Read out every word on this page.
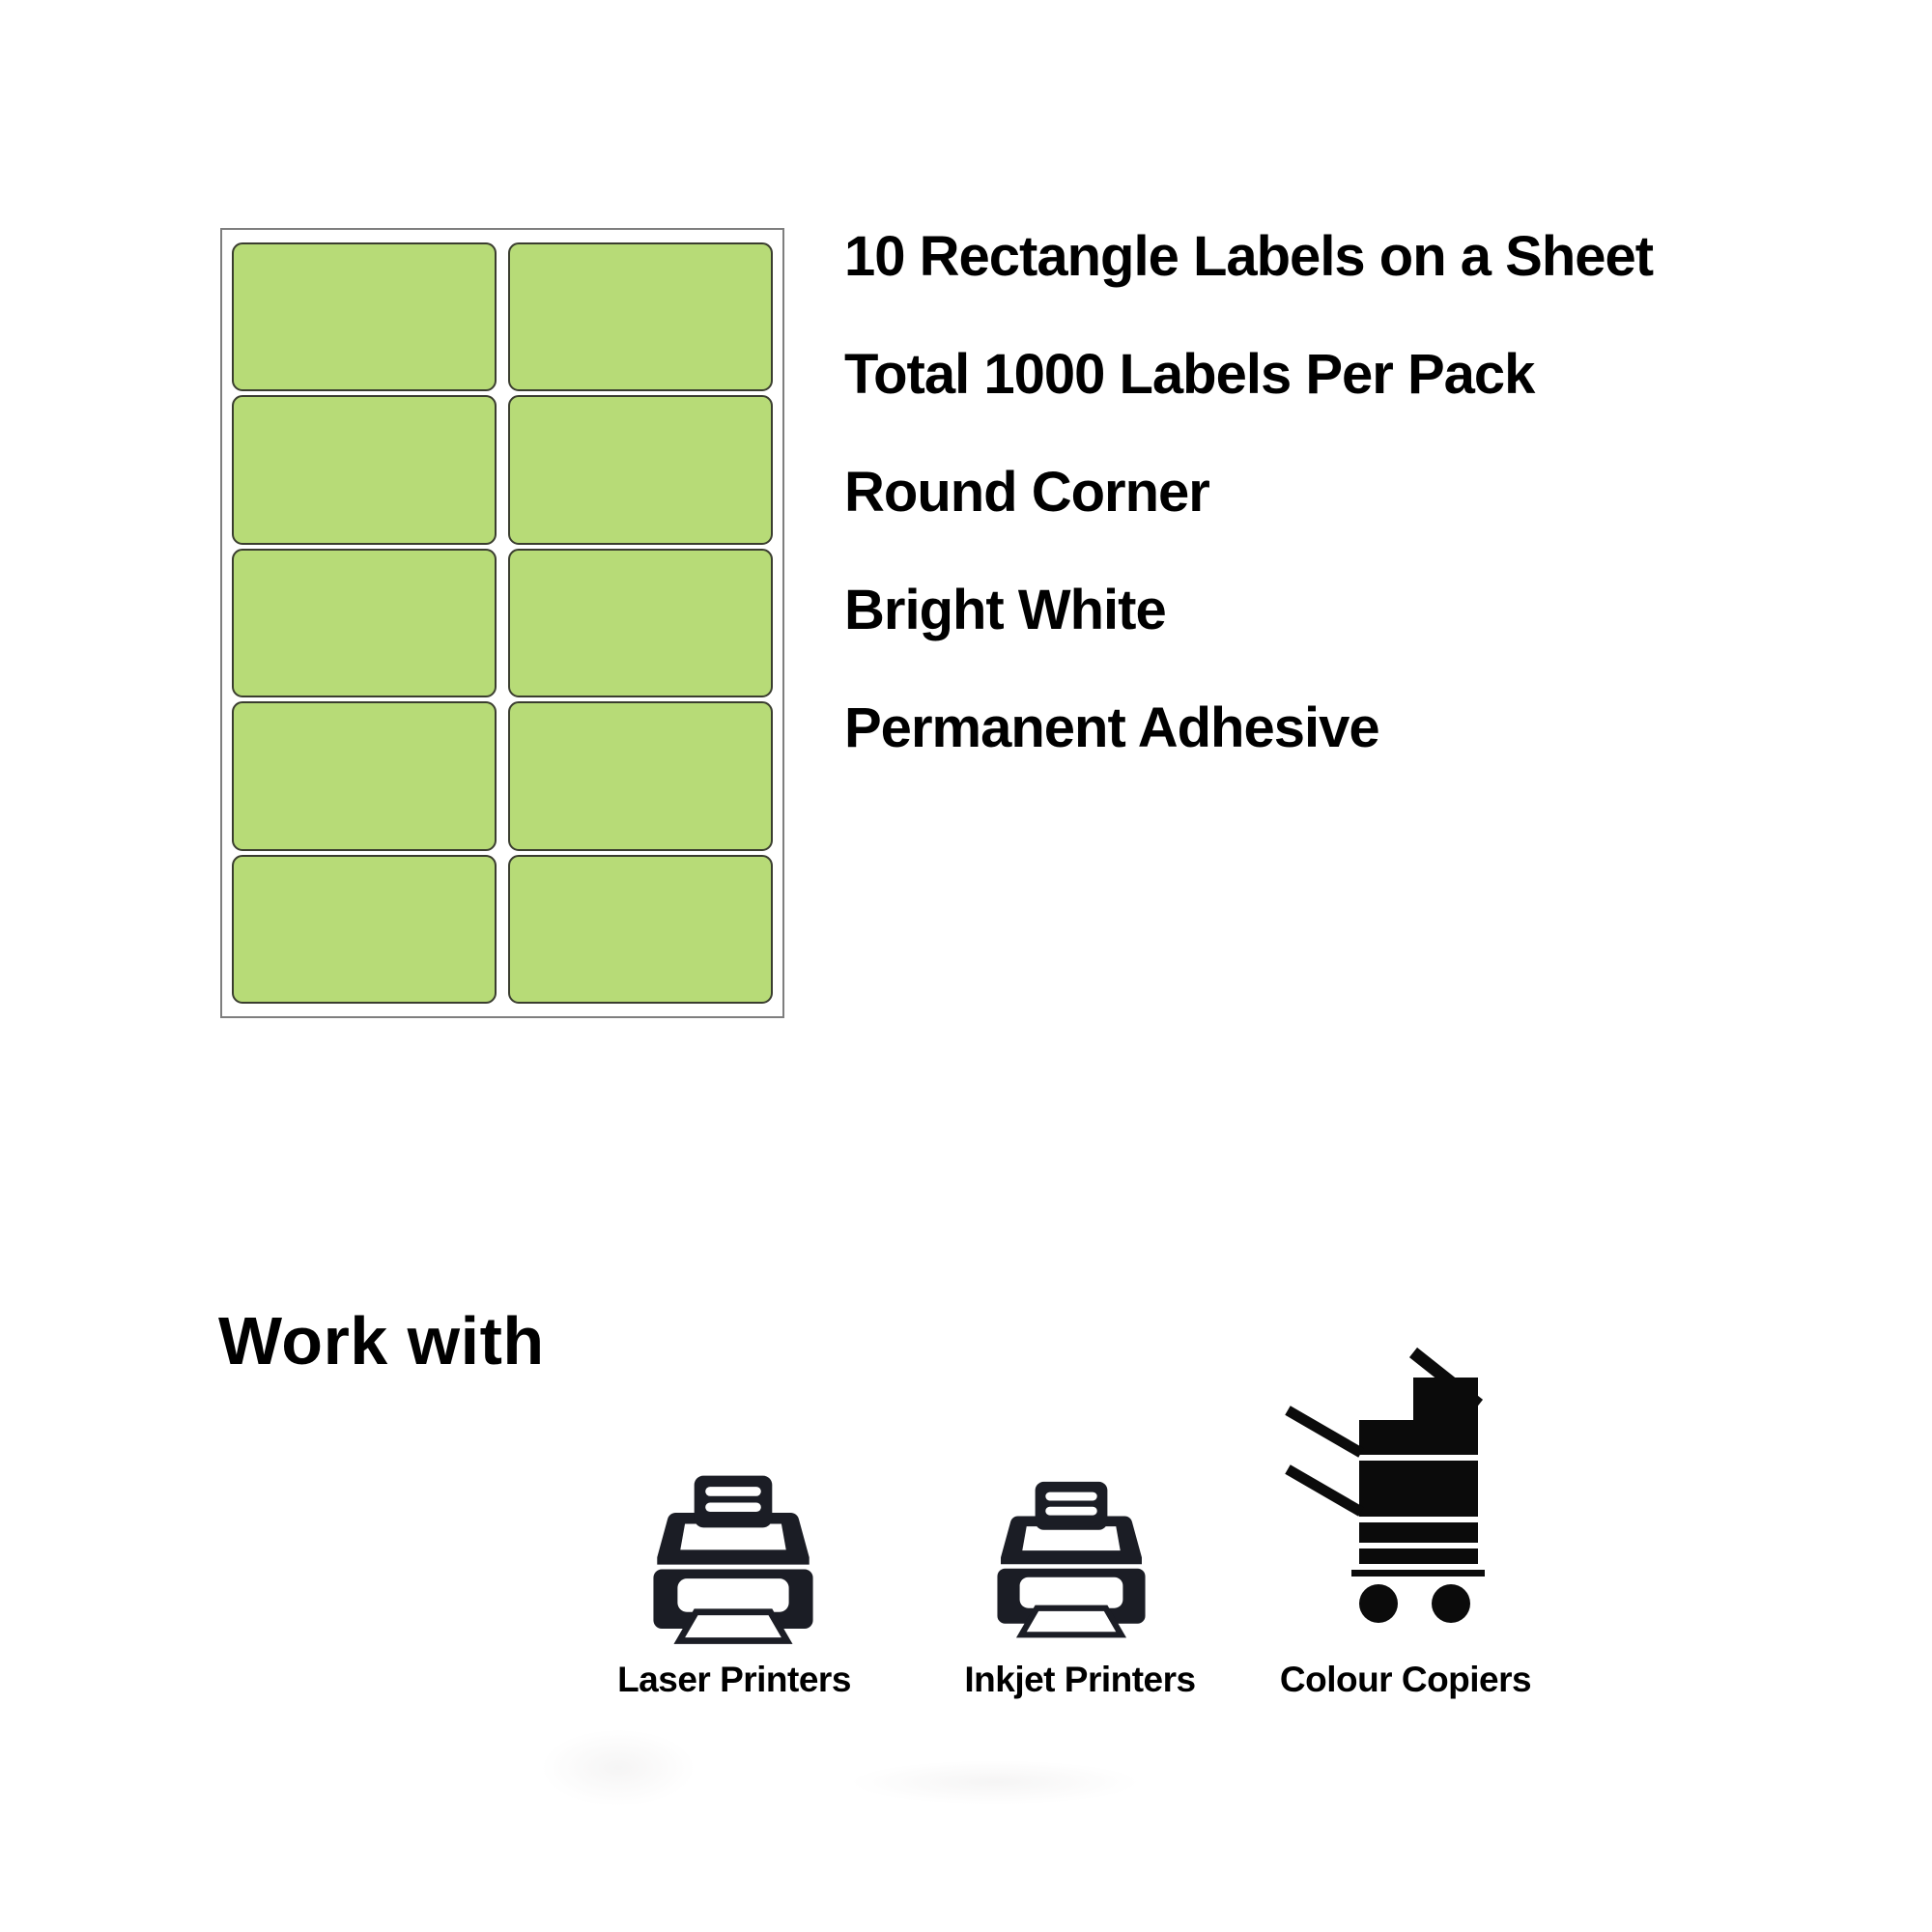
10 Rectangle Labels on a Sheet
Total 1000 Labels Per Pack
Round Corner
Bright White
Permanent Adhesive
Work with
Laser Printers	Inkjet Printers	Colour Copiers
